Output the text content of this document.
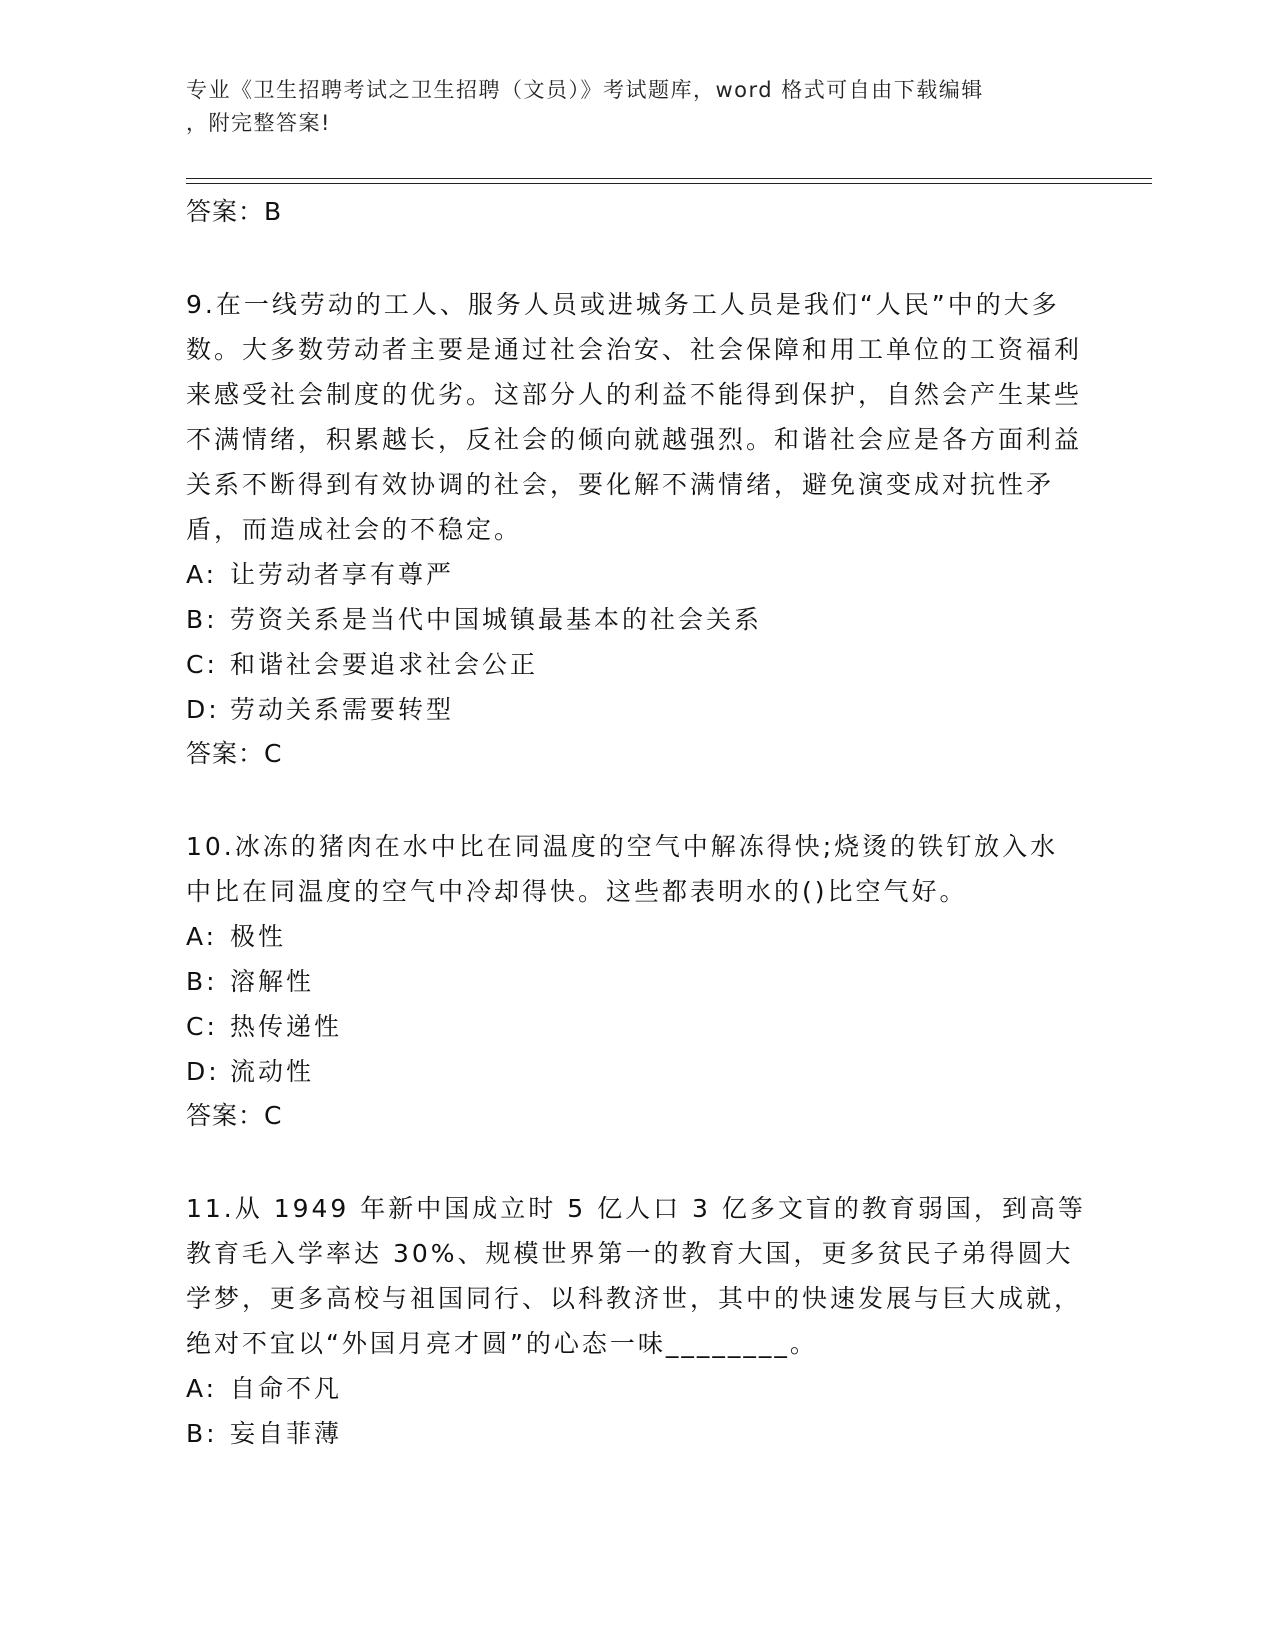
专业《卫生招聘考试之卫生招聘（文员）》考试题库，word 格式可自由下载编辑
，附完整答案!

答案：B

9.在一线劳动的工人、服务人员或进城务工人员是我们“人民”中的大多数。大多数劳动者主要是通过社会治安、社会保障和用工单位的工资福利来感受社会制度的优劣。这部分人的利益不能得到保护，自然会产生某些不满情绪，积累越长，反社会的倾向就越强烈。和谐社会应是各方面利益关系不断得到有效协调的社会，要化解不满情绪，避免演变成对抗性矛盾，而造成社会的不稳定。

A: 让劳动者享有尊严

B: 劳资关系是当代中国城镇最基本的社会关系

C: 和谐社会要追求社会公正

D: 劳动关系需要转型

答案：C

10.冰冻的猪肉在水中比在同温度的空气中解冻得快;烧烫的铁钉放入水中比在同温度的空气中冷却得快。这些都表明水的()比空气好。

A: 极性

B: 溶解性

C: 热传递性

D: 流动性

答案：C

11.从 1949 年新中国成立时 5 亿人口 3 亿多文盲的教育弱国，到高等教育毛入学率达 30%、规模世界第一的教育大国，更多贫民子弟得圆大学梦，更多高校与祖国同行、以科教济世，其中的快速发展与巨大成就，绝对不宜以“外国月亮才圆”的心态一味________。

A: 自命不凡

B: 妄自菲薄
